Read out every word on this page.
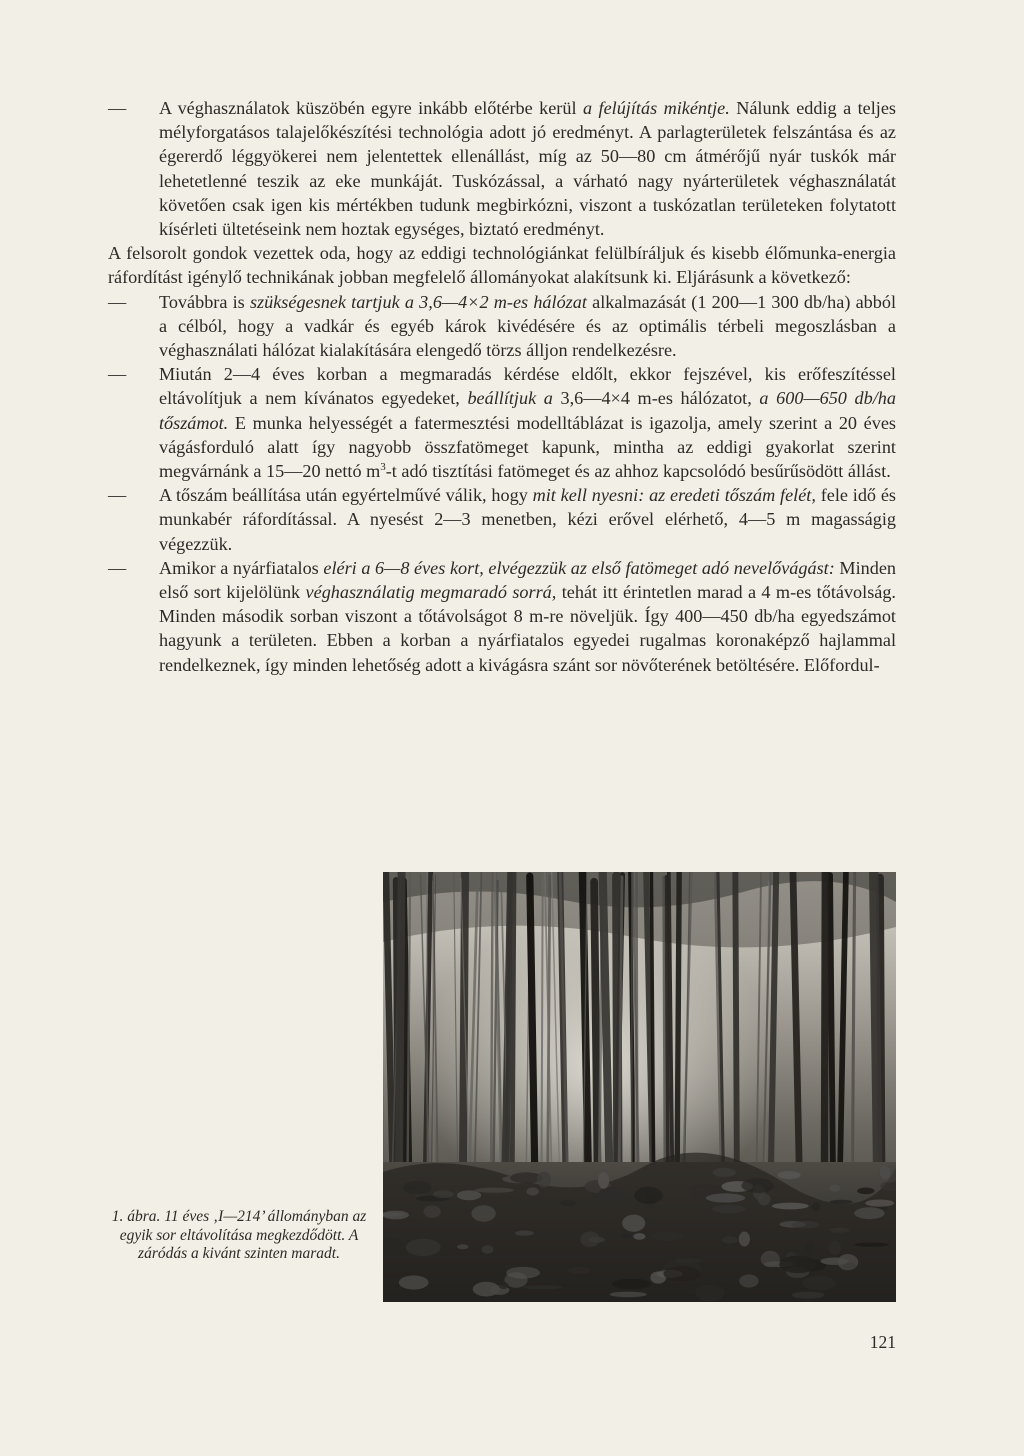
— A véghasználatok küszöbén egyre inkább előtérbe kerül a felújítás mikéntje. Nálunk eddig a teljes mélyforgatásos talajelőkészítési technológia adott jó eredményt. A parlagterületek felszántása és az égererdő léggyökerei nem jelentettek ellenállást, míg az 50—80 cm átmérőjű nyár tuskók már lehetetlenné teszik az eke munkáját. Tuskózással, a várható nagy nyárterületek véghasználatát követően csak igen kis mértékben tudunk megbirkózni, viszont a tuskózatlan területeken folytatott kísérleti ültetéseink nem hoztak egységes, biztató eredményt.

A felsorolt gondok vezettek oda, hogy az eddigi technológiánkat felülbíráljuk és kisebb élőmunka-energia ráfordítást igénylő technikának jobban megfelelő állományokat alakítsunk ki. Eljárásunk a következő:

— Továbbra is szükségesnek tartjuk a 3,6—4×2 m-es hálózat alkalmazását (1 200—1 300 db/ha) abból a célból, hogy a vadkár és egyéb károk kivédésére és az optimális térbeli megoszlásban a véghasználati hálózat kialakítására elengedő törzs álljon rendelkezésre.

— Miután 2—4 éves korban a megmaradás kérdése eldőlt, ekkor fejszével, kis erőfeszítéssel eltávolítjuk a nem kívánatos egyedeket, beállítjuk a 3,6—4×4 m-es hálózatot, a 600—650 db/ha tőszámot. E munka helyességét a fatermesztési modelltáblázat is igazolja, amely szerint a 20 éves vágásforduló alatt így nagyobb összfatömeget kapunk, mintha az eddigi gyakorlat szerint megvárnánk a 15—20 nettó $m^3-t$ adó tisztítási fatömeget és az ahhoz kapcsolódó besűrűsödött állást.

— A tőszám beállítása után egyértelművé válik, hogy mit kell nyesni: az eredeti tőszám felét, fele idő és munkabér ráfordítással. A nyesést 2—3 menetben, kézi erővel elérhető, 4—5 m magasságig végezzük.

— Amikor a nyárfiatalos eléri a 6—8 éves kort, elvégezzük az első fatömeget adó nevelővágást: Minden első sort kijelölünk véghasználatig megmaradó sorrá, tehát itt érintetlen marad a 4 m-es tőtávolság. Minden második sorban viszont a tőtávolságot 8 m-re növeljük. Így 400—450 db/ha egyedszámot hagyunk a területen. Ebben a korban a nyárfiatalos egyedei rugalmas koronaképző hajlammal rendelkeznek, így minden lehetőség adott a kivágásra szánt sor növőterének betöltésére. Előfordul-

1. ábra. 11 éves ‚I—214’ állományban az egyik sor eltávolítása megkezdődött. A záródás a kivánt szinten maradt.
121
